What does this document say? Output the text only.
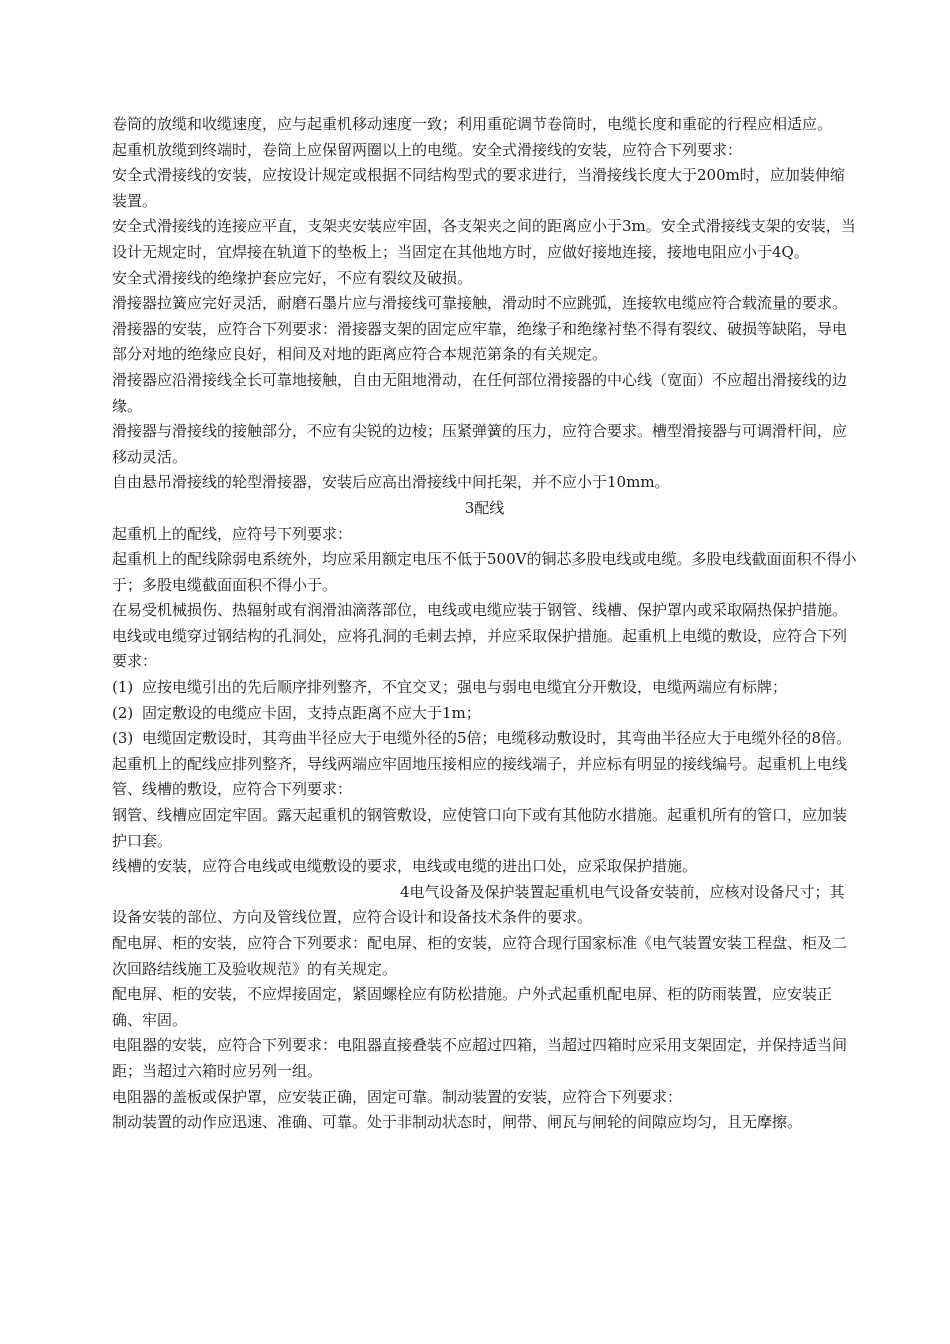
卷筒的放缆和收缆速度，应与起重机移动速度一致；利用重砣调节卷筒时，电缆长度和重砣的行程应相适应。

起重机放缆到终端时，卷筒上应保留两圈以上的电缆。安全式滑接线的安装，应符合下列要求：

安全式滑接线的安装，应按设计规定或根据不同结构型式的要求进行，当滑接线长度大于200m时，应加装伸缩装置。

安全式滑接线的连接应平直，支架夹安装应牢固，各支架夹之间的距离应小于3m。安全式滑接线支架的安装，当设计无规定时，宜焊接在轨道下的垫板上；当固定在其他地方时，应做好接地连接，接地电阻应小于4Q。

安全式滑接线的绝缘护套应完好，不应有裂纹及破损。

滑接器拉簧应完好灵活，耐磨石墨片应与滑接线可靠接触，滑动时不应跳弧，连接软电缆应符合载流量的要求。

滑接器的安装，应符合下列要求：滑接器支架的固定应牢靠，绝缘子和绝缘衬垫不得有裂纹、破损等缺陷，导电部分对地的绝缘应良好，相间及对地的距离应符合本规范第条的有关规定。

滑接器应沿滑接线全长可靠地接触，自由无阻地滑动，在任何部位滑接器的中心线（宽面）不应超出滑接线的边缘。

滑接器与滑接线的接触部分，不应有尖锐的边棱；压紧弹簧的压力，应符合要求。槽型滑接器与可调滑杆间，应移动灵活。

自由悬吊滑接线的轮型滑接器，安装后应高出滑接线中间托架，并不应小于10mm。

3配线

起重机上的配线，应符号下列要求：

起重机上的配线除弱电系统外，均应采用额定电压不低于500V的铜芯多股电线或电缆。多股电线截面面积不得小于；多股电缆截面面积不得小于。

在易受机械损伤、热辐射或有润滑油滴落部位，电线或电缆应装于钢管、线槽、保护罩内或采取隔热保护措施。

电线或电缆穿过钢结构的孔洞处，应将孔洞的毛刺去掉，并应采取保护措施。起重机上电缆的敷设，应符合下列要求：

(1) 应按电缆引出的先后顺序排列整齐，不宜交叉；强电与弱电电缆宜分开敷设，电缆两端应有标牌；

(2) 固定敷设的电缆应卡固，支持点距离不应大于1m；

(3) 电缆固定敷设时，其弯曲半径应大于电缆外径的5倍；电缆移动敷设时，其弯曲半径应大于电缆外径的8倍。

起重机上的配线应排列整齐，导线两端应牢固地压接相应的接线端子，并应标有明显的接线编号。起重机上电线管、线槽的敷设，应符合下列要求：

钢管、线槽应固定牢固。露天起重机的钢管敷设，应使管口向下或有其他防水措施。起重机所有的管口，应加装护口套。

线槽的安装，应符合电线或电缆敷设的要求，电线或电缆的进出口处，应采取保护措施。

4电气设备及保护装置起重机电气设备安装前，应核对设备尺寸；其设备安装的部位、方向及管线位置，应符合设计和设备技术条件的要求。

配电屏、柜的安装，应符合下列要求：配电屏、柜的安装，应符合现行国家标准《电气装置安装工程盘、柜及二次回路结线施工及验收规范》的有关规定。

配电屏、柜的安装，不应焊接固定，紧固螺栓应有防松措施。户外式起重机配电屏、柜的防雨装置，应安装正确、牢固。

电阻器的安装，应符合下列要求：电阻器直接叠装不应超过四箱，当超过四箱时应采用支架固定，并保持适当间距；当超过六箱时应另列一组。

电阻器的盖板或保护罩，应安装正确，固定可靠。制动装置的安装，应符合下列要求：

制动装置的动作应迅速、准确、可靠。处于非制动状态时，闸带、闸瓦与闸轮的间隙应均匀，且无摩擦。
